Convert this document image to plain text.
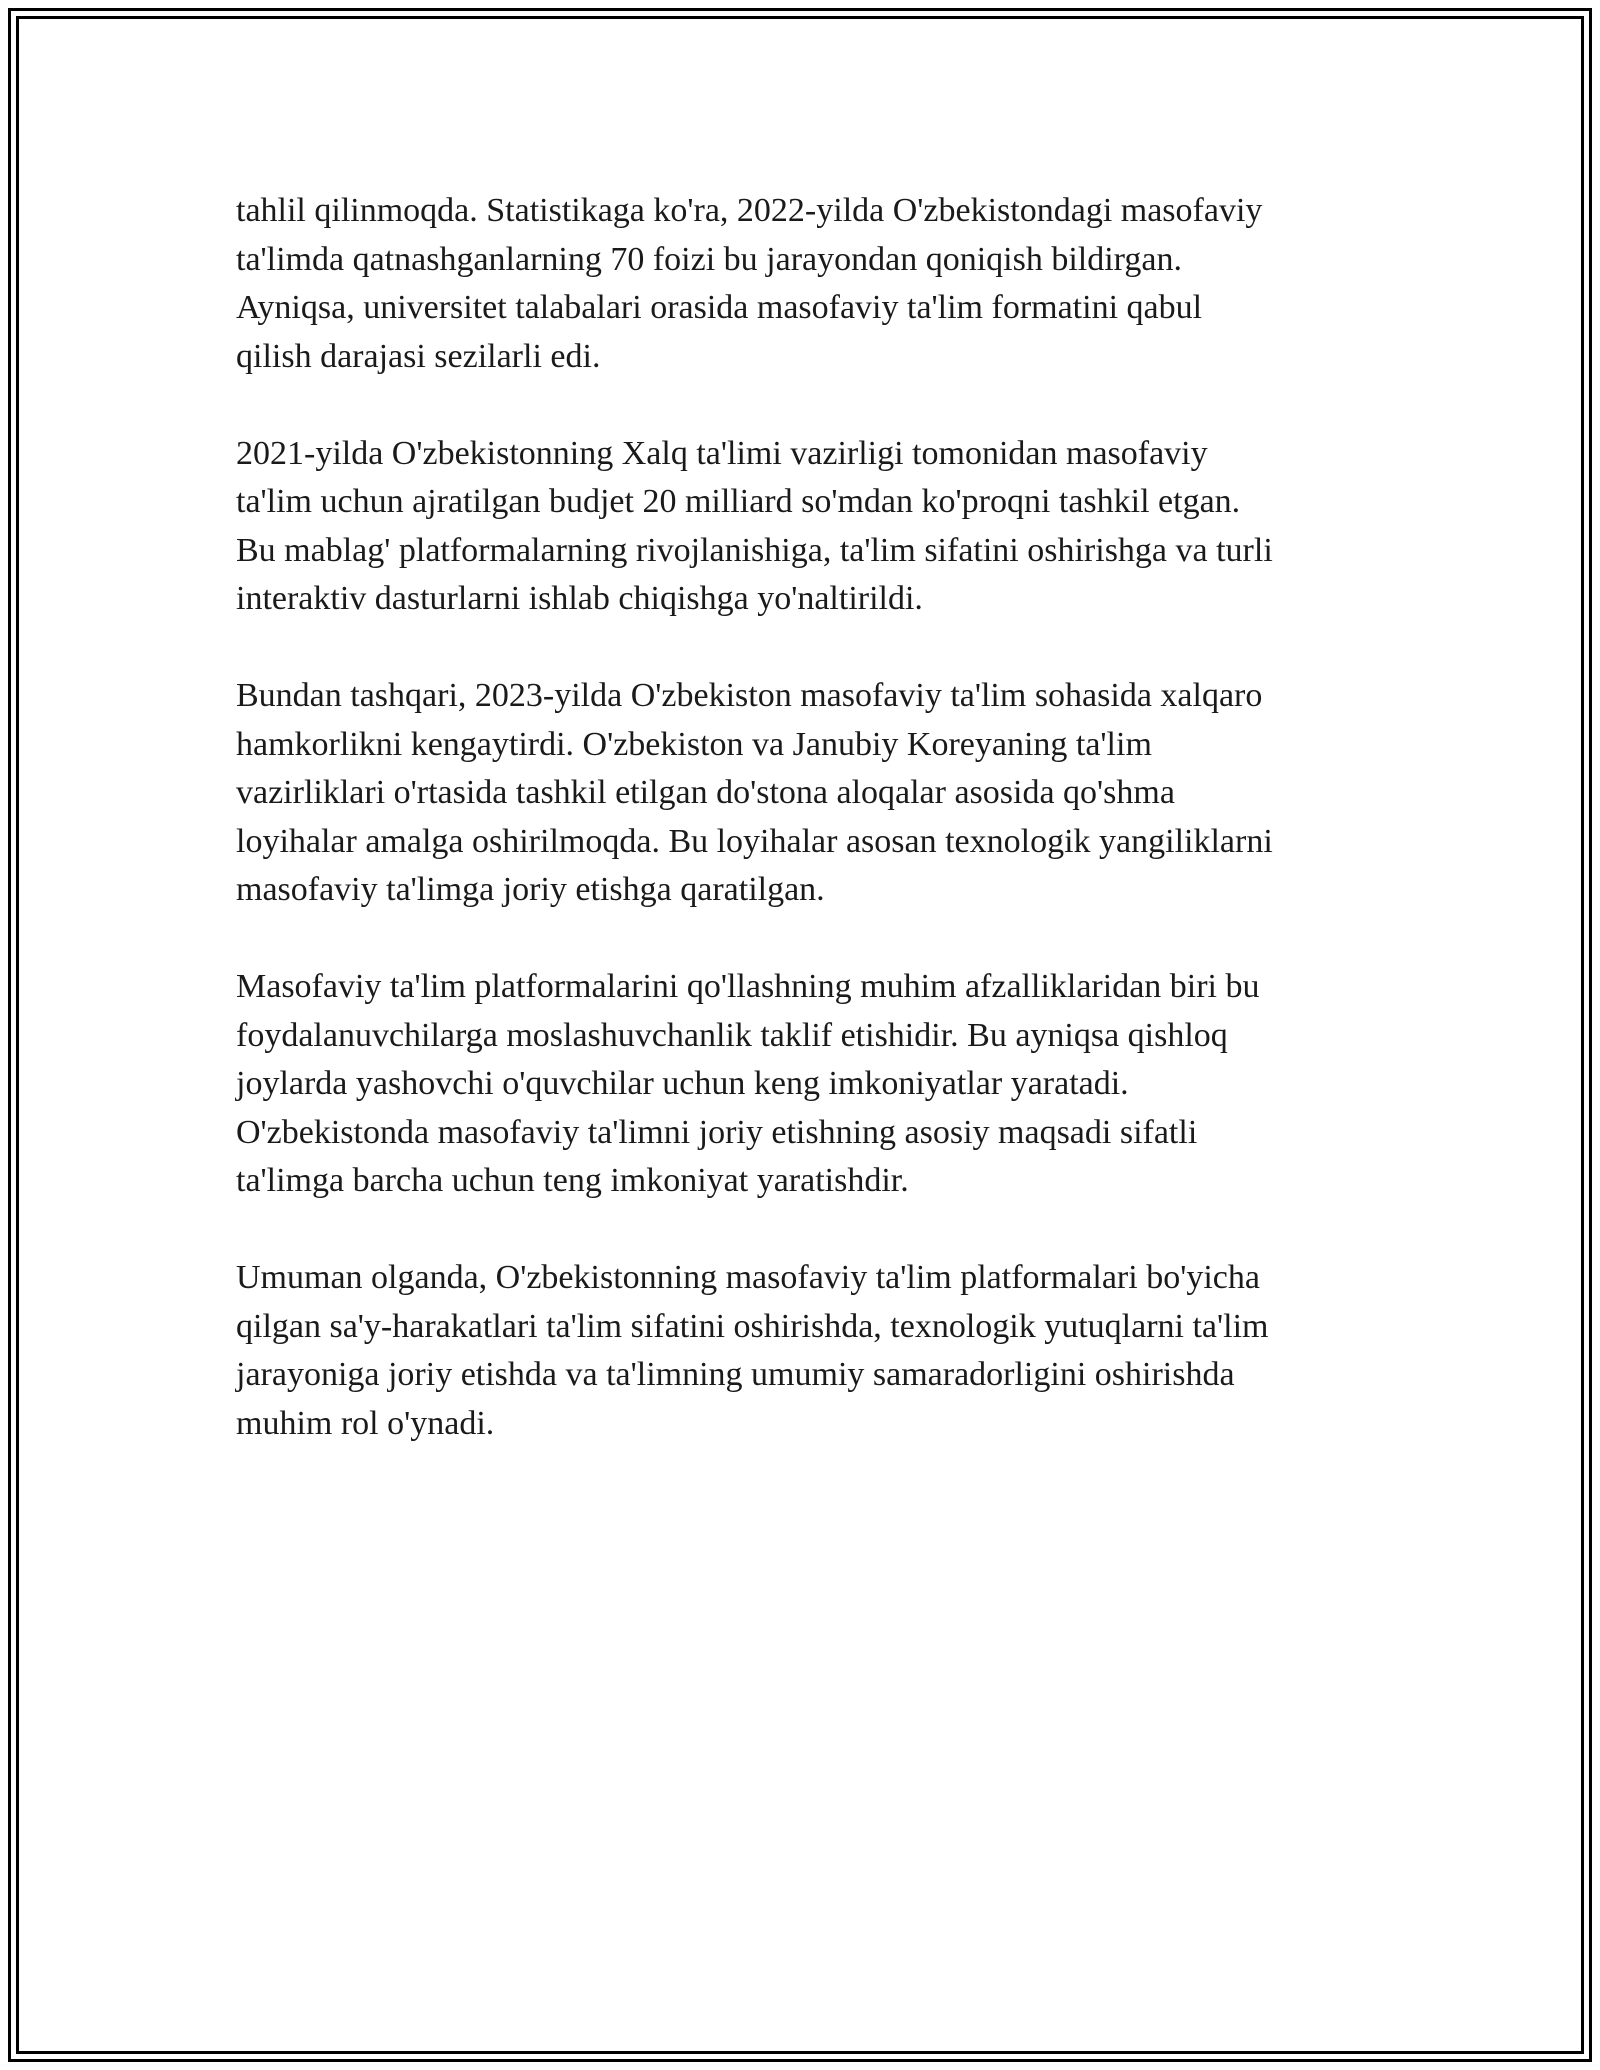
tahlil qilinmoqda. Statistikaga ko'ra, 2022-yilda O'zbekistondagi masofaviy
ta'limda qatnashganlarning 70 foizi bu jarayondan qoniqish bildirgan.
Ayniqsa, universitet talabalari orasida masofaviy ta'lim formatini qabul
qilish darajasi sezilarli edi.

2021-yilda O'zbekistonning Xalq ta'limi vazirligi tomonidan masofaviy
ta'lim uchun ajratilgan budjet 20 milliard so'mdan ko'proqni tashkil etgan.
Bu mablag' platformalarning rivojlanishiga, ta'lim sifatini oshirishga va turli
interaktiv dasturlarni ishlab chiqishga yo'naltirildi.

Bundan tashqari, 2023-yilda O'zbekiston masofaviy ta'lim sohasida xalqaro
hamkorlikni kengaytirdi. O'zbekiston va Janubiy Koreyaning ta'lim
vazirliklari o'rtasida tashkil etilgan do'stona aloqalar asosida qo'shma
loyihalar amalga oshirilmoqda. Bu loyihalar asosan texnologik yangiliklarni
masofaviy ta'limga joriy etishga qaratilgan.

Masofaviy ta'lim platformalarini qo'llashning muhim afzalliklaridan biri bu
foydalanuvchilarga moslashuvchanlik taklif etishidir. Bu ayniqsa qishloq
joylarda yashovchi o'quvchilar uchun keng imkoniyatlar yaratadi.
O'zbekistonda masofaviy ta'limni joriy etishning asosiy maqsadi sifatli
ta'limga barcha uchun teng imkoniyat yaratishdir.

Umuman olganda, O'zbekistonning masofaviy ta'lim platformalari bo'yicha
qilgan sa'y-harakatlari ta'lim sifatini oshirishda, texnologik yutuqlarni ta'lim
jarayoniga joriy etishda va ta'limning umumiy samaradorligini oshirishda
muhim rol o'ynadi.
